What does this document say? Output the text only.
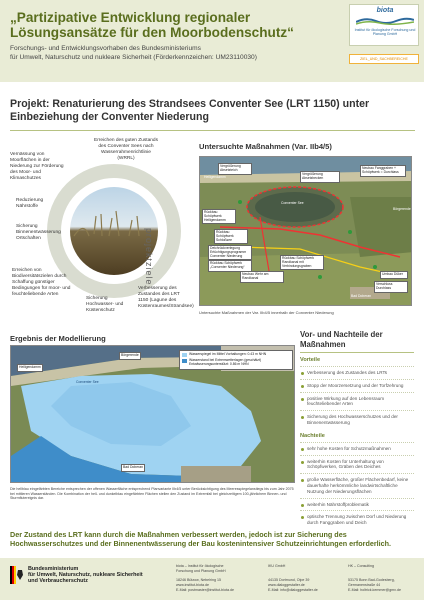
„Partizipative Entwicklung regionaler Lösungsansätze für den Moorbodenschutz“
Forschungs- und Entwicklungsvorhaben des Bundesministeriums
für Umwelt, Naturschutz und nukleare Sicherheit (Förderkennzeichen: UM23110030)
biota
Institut für ökologische Forschung und Planung GmbH
ZIEL_UND_SACHBEREICHE
Projekt: Renaturierung des Strandsees Conventer See (LRT 1150) unter Einbeziehung der Conventer Niederung
projektziele
Vernässung von Moorflächen in der Niederung zur Förderung des Moor- und Klimaschutzes
Erreichen des guten Zustands des Conventer Sees nach Wasserrahmenrichtlinie (WRRL)
Reduzierung Nährstoffe
Sicherung Binnenentwässerung Ortschaften
Erreichen von Biodiversitätszielen durch Schaffung günstiger Bedingungen für moor- und feuchteliebende Arten
Sicherung Hochwasser- und Küstenschutz
Verbesserung des Zustandes des LRT 1150 (Lagune des Küstenraumes/Strandsee)
Untersuchte Maßnahmen (Var. IIb4/5)
Vergrößerung Absetzteich
Vergrößerung Absetzbecken
Neubau Fanggraben + Schöpfwerk = Durchlass
Rückbau Schöpfwerk Heiligendamm
Rückbau Schöpfwerk Schloßsee
Deichrückverlegung Ertüchtigungsprogramm Conventer Niederung
Rückbau Schöpfwerk „Conventer Niederung“
Neubau Wehr am Randkanal
Rückbau Schöpfwerk Randkanal mit Verbindungsgraben
Umbau Düker
Verschluss Durchlass
Heiligendamm
Conventer See
Bad Doberan
Börgerende
Untersuchte Maßnahmen der Var. IIb4/5 innerhalb der Conventer Niederung
Ergebnis der Modellierung
Wasserspiegel im Mittel Vorhaltungen: 0.43 m NHN
Wasserstand bei Extremwetterlagen (geschätzt) Entwässerungsunterstützt: 0.86 m NHN
Heiligendamm
Börgerende
Conventer See
Bad Doberan
Die hellblau eingefärbten Bereiche entsprechen der offenen Wasserfläche entsprechend Planvariante IIb4/5 unter Berücksichtigung des Meeresspiegelanstiegs bis zum Jahr 2075 bei mittleren Wasserständen. Die Kombination der hell- und dunkelblau eingefärbten Flächen stellen den Zustand im Extremfall bei gleichzeitigem 100-jährlichem Binnen- und Sturmflutereignis dar.
Vor- und Nachteile der Maßnahmen
Vorteile
Verbesserung des Zustandes des LRTs
Stopp der Moorzersetzung und der Torfzehrung
positive Wirkung auf den Lebensraum feuchteliebender Arten
Sicherung des Hochwasserschutzes und der Binnenentwässerung
Nachteile
sehr hohe Kosten für Schutzmaßnahmen
weiterhin Kosten für Unterhaltung von Schöpfwerken, Gräben des Deiches
große Wasserfläche, großer Flächenbedarf, keine dauerhafte herkömmliche landwirtschaftliche Nutzung der Niederungsflächen
weiterhin Nährstoffproblematik
optische Trennung zwischen Dorf und Niederung durch Fanggraben und Deich
Der Zustand des LRT kann durch die Maßnahmen verbessert werden, jedoch ist zur Sicherung des Hochwasserschutzes und der Binnenentwässerung der Bau kostenintensiver Schutzeinrichtungen erforderlich.
Bundesministerium
für Umwelt, Naturschutz, nukleare Sicherheit
und Verbraucherschutz
biota – Institut für ökologische
Forschung und Planung GmbH

18246 Bützow, Nebelring 15
www.institut-biota.de
E-Mail: postmaster@institut-biota.de
IKU GmbH

44135 Dortmund, Olpe 39
www.dialoggestalter.de
E-Mail: info@dialoggestalter.de
HK – Consulting

53175 Bonn Bad-Godesberg,
Germanenstraße 44
E-Mail: holtrick.kemmer@gmx.de
